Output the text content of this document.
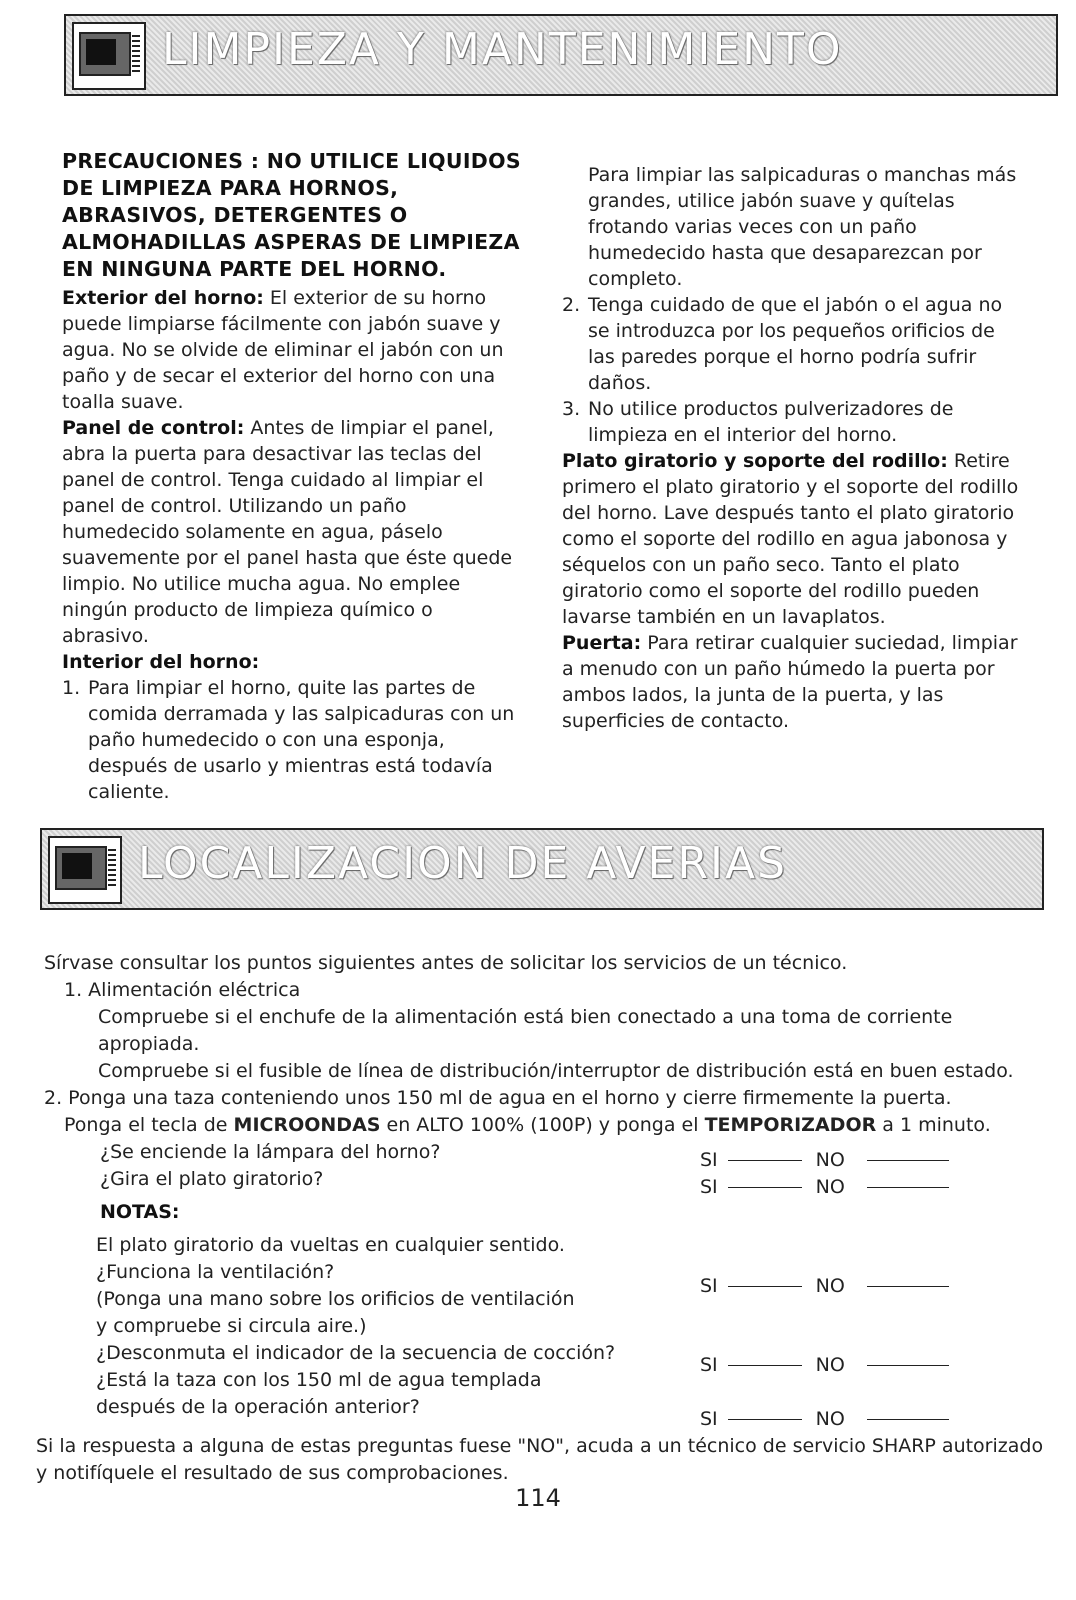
LIMPIEZA Y MANTENIMIENTO

PRECAUCIONES : NO UTILICE LIQUIDOS DE LIMPIEZA PARA HORNOS, ABRASIVOS, DETERGENTES O ALMOHADILLAS ASPERAS DE LIMPIEZA EN NINGUNA PARTE DEL HORNO.

Exterior del horno: El exterior de su horno puede limpiarse fácilmente con jabón suave y agua. No se olvide de eliminar el jabón con un paño y de secar el exterior del horno con una toalla suave.

Panel de control: Antes de limpiar el panel, abra la puerta para desactivar las teclas del panel de control. Tenga cuidado al limpiar el panel de control. Utilizando un paño humedecido solamente en agua, páselo suavemente por el panel hasta que éste quede limpio. No utilice mucha agua. No emplee ningún producto de limpieza químico o abrasivo.

Interior del horno:

1. Para limpiar el horno, quite las partes de comida derramada y las salpicaduras con un paño humedecido o con una esponja, después de usarlo y mientras está todavía caliente.
Para limpiar las salpicaduras o manchas más grandes, utilice jabón suave y quítelas frotando varias veces con un paño humedecido hasta que desaparezcan por completo.
2. Tenga cuidado de que el jabón o el agua no se introduzca por los pequeños orificios de las paredes porque el horno podría sufrir daños.
3. No utilice productos pulverizadores de limpieza en el interior del horno.

Plato giratorio y soporte del rodillo: Retire primero el plato giratorio y el soporte del rodillo del horno. Lave después tanto el plato giratorio como el soporte del rodillo en agua jabonosa y séquelos con un paño seco. Tanto el plato giratorio como el soporte del rodillo pueden lavarse también en un lavaplatos.

Puerta: Para retirar cualquier suciedad, limpiar a menudo con un paño húmedo la puerta por ambos lados, la junta de la puerta, y las superficies de contacto.

LOCALIZACION DE AVERIAS

Sírvase consultar los puntos siguientes antes de solicitar los servicios de un técnico.

1. Alimentación eléctrica

Compruebe si el enchufe de la alimentación está bien conectado a una toma de corriente apropiada.

Compruebe si el fusible de línea de distribución/interruptor de distribución está en buen estado.

2. Ponga una taza conteniendo unos 150 ml de agua en el horno y cierre firmemente la puerta.

Ponga el tecla de MICROONDAS en ALTO 100% (100P) y ponga el TEMPORIZADOR a 1 minuto.

¿Se enciende la lámpara del horno?	SI	NO
¿Gira el plato giratorio?	SI	NO

NOTAS:

El plato giratorio da vueltas en cualquier sentido.

¿Funciona la ventilación?
SI	NO

(Ponga una mano sobre los orificios de ventilación

y compruebe si circula aire.)

¿Desconmuta el indicador de la secuencia de cocción?
SI	NO

¿Está la taza con los 150 ml de agua templada

después de la operación anterior?
SI	NO

Si la respuesta a alguna de estas preguntas fuese "NO", acuda a un técnico de servicio SHARP autorizado y notifíquele el resultado de sus comprobaciones.

114
